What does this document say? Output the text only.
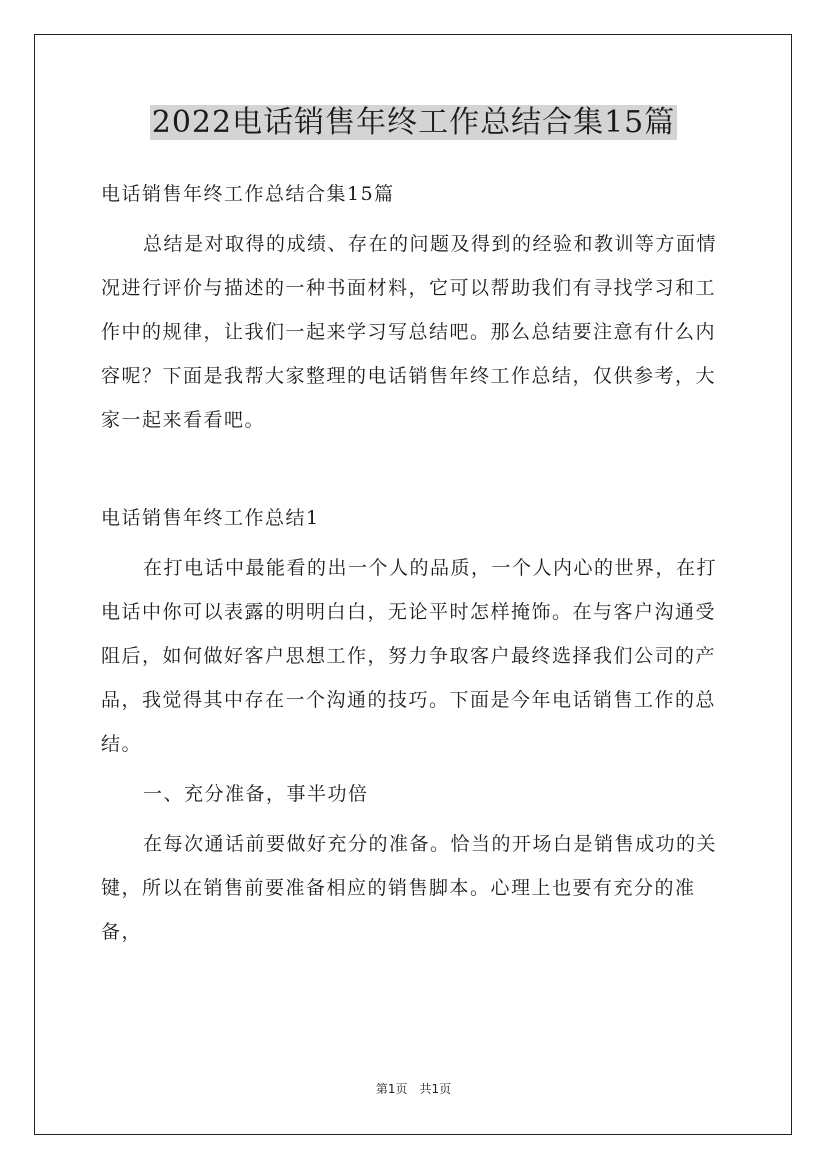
2022电话销售年终工作总结合集15篇

电话销售年终工作总结合集15篇

总结是对取得的成绩、存在的问题及得到的经验和教训等方面情况进行评价与描述的一种书面材料，它可以帮助我们有寻找学习和工作中的规律，让我们一起来学习写总结吧。那么总结要注意有什么内容呢？下面是我帮大家整理的电话销售年终工作总结，仅供参考，大家一起来看看吧。

电话销售年终工作总结1

在打电话中最能看的出一个人的品质，一个人内心的世界，在打电话中你可以表露的明明白白，无论平时怎样掩饰。在与客户沟通受阻后，如何做好客户思想工作，努力争取客户最终选择我们公司的产品，我觉得其中存在一个沟通的技巧。下面是今年电话销售工作的总结。

一、充分准备，事半功倍

在每次通话前要做好充分的准备。恰当的开场白是销售成功的关键，所以在销售前要准备相应的销售脚本。心理上也要有充分的准备，

第1页　共1页
